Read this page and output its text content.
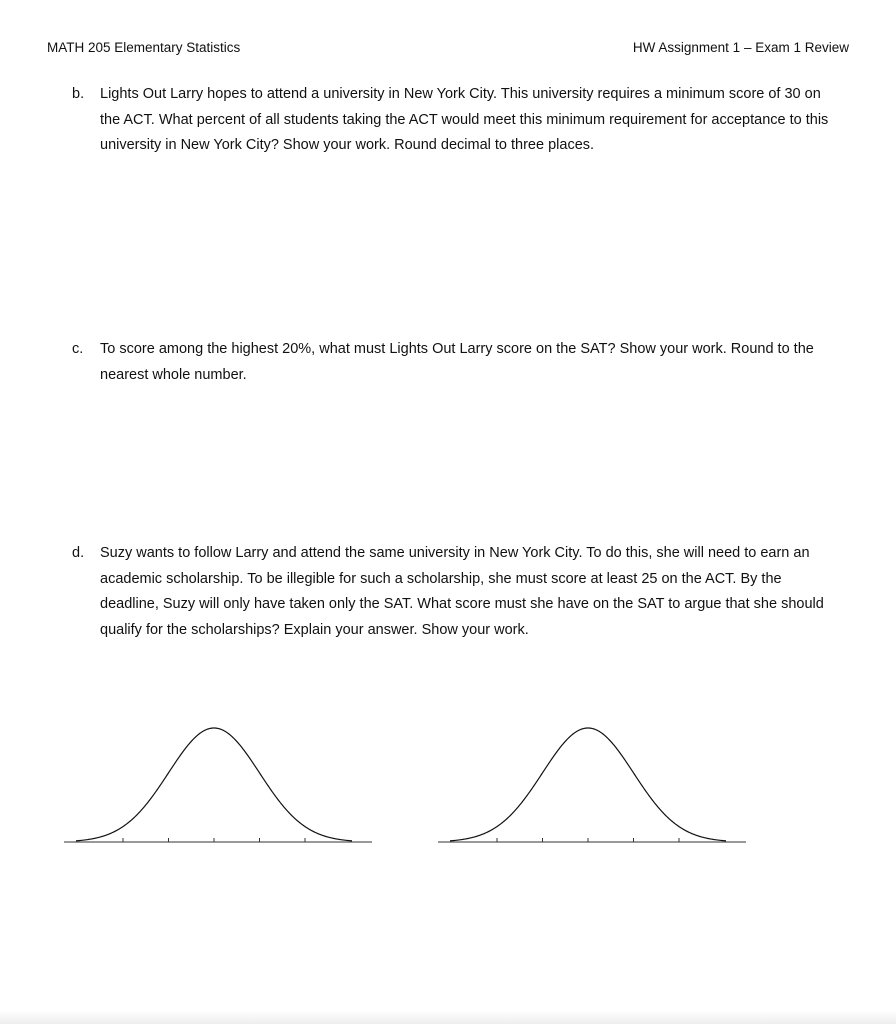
MATH 205 Elementary Statistics	HW Assignment 1 – Exam 1 Review
b.	Lights Out Larry hopes to attend a university in New York City. This university requires a minimum score of 30 on the ACT. What percent of all students taking the ACT would meet this minimum requirement for acceptance to this university in New York City? Show your work. Round decimal to three places.
c.	To score among the highest 20%, what must Lights Out Larry score on the SAT? Show your work. Round to the nearest whole number.
d.	Suzy wants to follow Larry and attend the same university in New York City. To do this, she will need to earn an academic scholarship. To be illegible for such a scholarship, she must score at least 25 on the ACT. By the deadline, Suzy will only have taken only the SAT. What score must she have on the SAT to argue that she should qualify for the scholarships? Explain your answer. Show your work.
